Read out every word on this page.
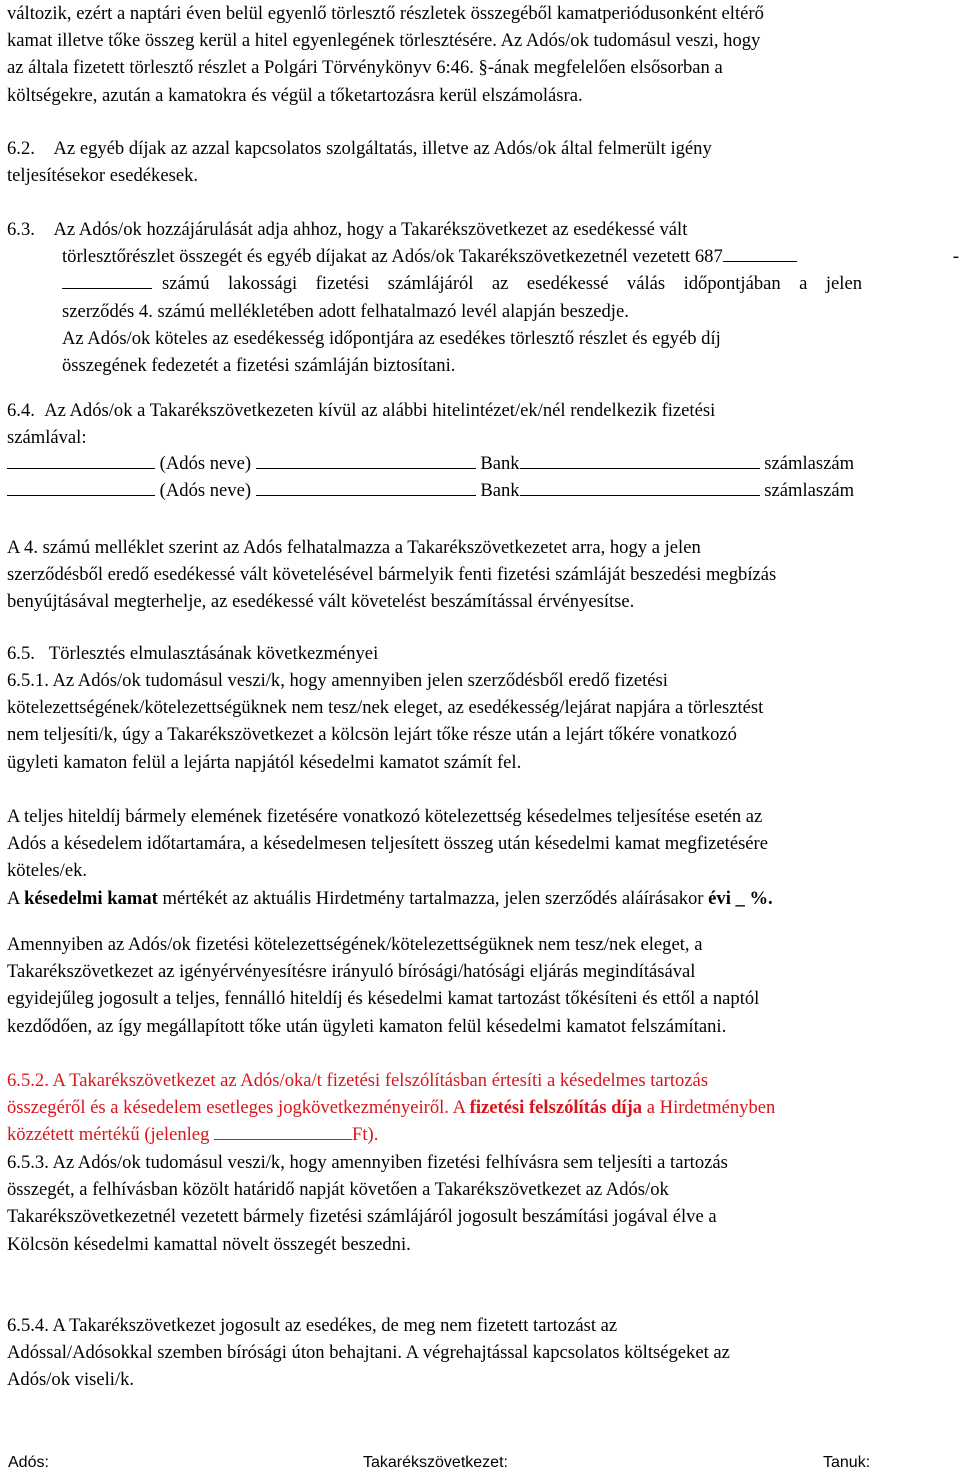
változik, ezért a naptári éven belül egyenlő törlesztő részletek összegéből kamatperiódusonként eltérő

kamat illetve tőke összeg kerül a hitel egyenlegének törlesztésére. Az Adós/ok tudomásul veszi, hogy

az általa fizetett törlesztő részlet a Polgári Törvénykönyv 6:46. §-ának megfelelően elsősorban a

költségekre, azután a kamatokra és végül a tőketartozásra kerül elszámolásra.

6.2. Az egyéb díjak az azzal kapcsolatos szolgáltatás, illetve az Adós/ok által felmerült igény

teljesítésekor esedékesek.

6.3. Az Adós/ok hozzájárulását adja ahhoz, hogy a Takarékszövetkezet az esedékessé vált

törlesztőrészlet összegét és egyéb díjakat az Adós/ok Takarékszövetkezetnél vezetett 687	-

számú lakossági fizetési számlájáról az esedékessé válás időpontjában a jelen

szerződés 4. számú mellékletében adott felhatalmazó levél alapján beszedje.

Az Adós/ok köteles az esedékesség időpontjára az esedékes törlesztő részlet és egyéb díj

összegének fedezetét a fizetési számláján biztosítani.

6.4. Az Adós/ok a Takarékszövetkezeten kívül az alábbi hitelintézet/ek/nél rendelkezik fizetési

számlával:

(Adós neve)	Bank	számlaszám
(Adós neve)	Bank	számlaszám

A 4. számú melléklet szerint az Adós felhatalmazza a Takarékszövetkezetet arra, hogy a jelen

szerződésből eredő esedékessé vált követelésével bármelyik fenti fizetési számláját beszedési megbízás

benyújtásával megterhelje, az esedékessé vált követelést beszámítással érvényesítse.

6.5. Törlesztés elmulasztásának következményei

6.5.1. Az Adós/ok tudomásul veszi/k, hogy amennyiben jelen szerződésből eredő fizetési

kötelezettségének/kötelezettségüknek nem tesz/nek eleget, az esedékesség/lejárat napjára a törlesztést

nem teljesíti/k, úgy a Takarékszövetkezet a kölcsön lejárt tőke része után a lejárt tőkére vonatkozó

ügyleti kamaton felül a lejárta napjától késedelmi kamatot számít fel.

A teljes hiteldíj bármely elemének fizetésére vonatkozó kötelezettség késedelmes teljesítése esetén az

Adós a késedelem időtartamára, a késedelmesen teljesített összeg után késedelmi kamat megfizetésére

köteles/ek.

A késedelmi kamat mértékét az aktuális Hirdetmény tartalmazza, jelen szerződés aláírásakor évi _ %.

Amennyiben az Adós/ok fizetési kötelezettségének/kötelezettségüknek nem tesz/nek eleget, a

Takarékszövetkezet az igényérvényesítésre irányuló bírósági/hatósági eljárás megindításával

egyidejűleg jogosult a teljes, fennálló hiteldíj és késedelmi kamat tartozást tőkésíteni és ettől a naptól

kezdődően, az így megállapított tőke után ügyleti kamaton felül késedelmi kamatot felszámítani.

6.5.2. A Takarékszövetkezet az Adós/oka/t fizetési felszólításban értesíti a késedelmes tartozás

összegéről és a késedelem esetleges jogkövetkezményeiről. A fizetési felszólítás díja a Hirdetményben

közzétett mértékű (jelenleg	Ft).

6.5.3. Az Adós/ok tudomásul veszi/k, hogy amennyiben fizetési felhívásra sem teljesíti a tartozás

összegét, a felhívásban közölt határidő napját követően a Takarékszövetkezet az Adós/ok

Takarékszövetkezetnél vezetett bármely fizetési számlájáról jogosult beszámítási jogával élve a

Kölcsön késedelmi kamattal növelt összegét beszedni.

6.5.4. A Takarékszövetkezet jogosult az esedékes, de meg nem fizetett tartozást az

Adóssal/Adósokkal szemben bírósági úton behajtani. A végrehajtással kapcsolatos költségeket az

Adós/ok viseli/k.

Adós:	Takarékszövetkezet:	Tanuk:
